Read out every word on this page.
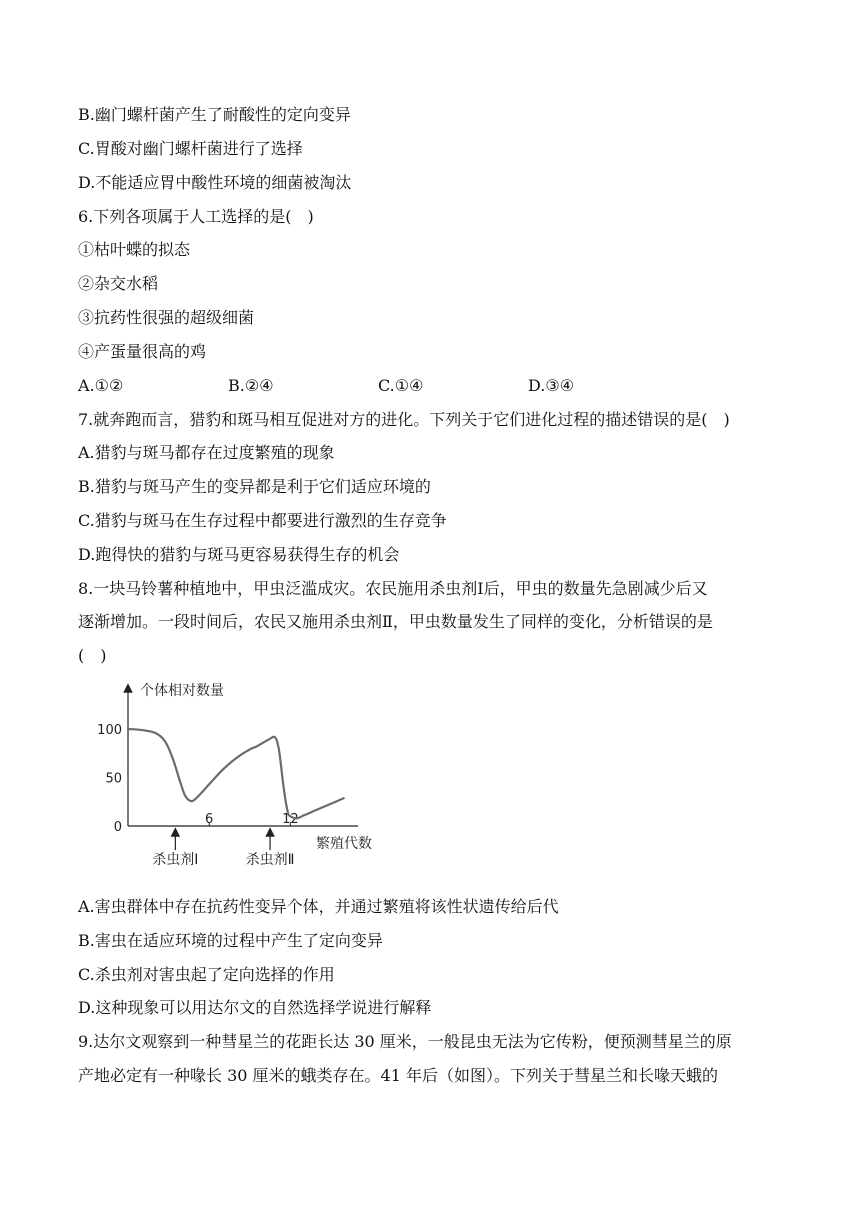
B.幽门螺杆菌产生了耐酸性的定向变异
C.胃酸对幽门螺杆菌进行了选择
D.不能适应胃中酸性环境的细菌被淘汰
6.下列各项属于人工选择的是(　)
①枯叶蝶的拟态
②杂交水稻
③抗药性很强的超级细菌
④产蛋量很高的鸡
A.①②	B.②④	C.①④	D.③④
7.就奔跑而言，猎豹和斑马相互促进对方的进化。下列关于它们进化过程的描述错误的是(　)
A.猎豹与斑马都存在过度繁殖的现象
B.猎豹与斑马产生的变异都是利于它们适应环境的
C.猎豹与斑马在生存过程中都要进行激烈的生存竞争
D.跑得快的猎豹与斑马更容易获得生存的机会
8.一块马铃薯种植地中，甲虫泛滥成灾。农民施用杀虫剂Ⅰ后，甲虫的数量先急剧减少后又
逐渐增加。一段时间后，农民又施用杀虫剂Ⅱ，甲虫数量发生了同样的变化，分析错误的是
(　)
个体相对数量
繁殖代数
100
50
0
6	12
杀虫剂Ⅰ	杀虫剂Ⅱ
A.害虫群体中存在抗药性变异个体，并通过繁殖将该性状遗传给后代
B.害虫在适应环境的过程中产生了定向变异
C.杀虫剂对害虫起了定向选择的作用
D.这种现象可以用达尔文的自然选择学说进行解释
9.达尔文观察到一种彗星兰的花距长达 30 厘米，一般昆虫无法为它传粉，便预测彗星兰的原
产地必定有一种喙长 30 厘米的蛾类存在。41 年后（如图）。下列关于彗星兰和长喙天蛾的
